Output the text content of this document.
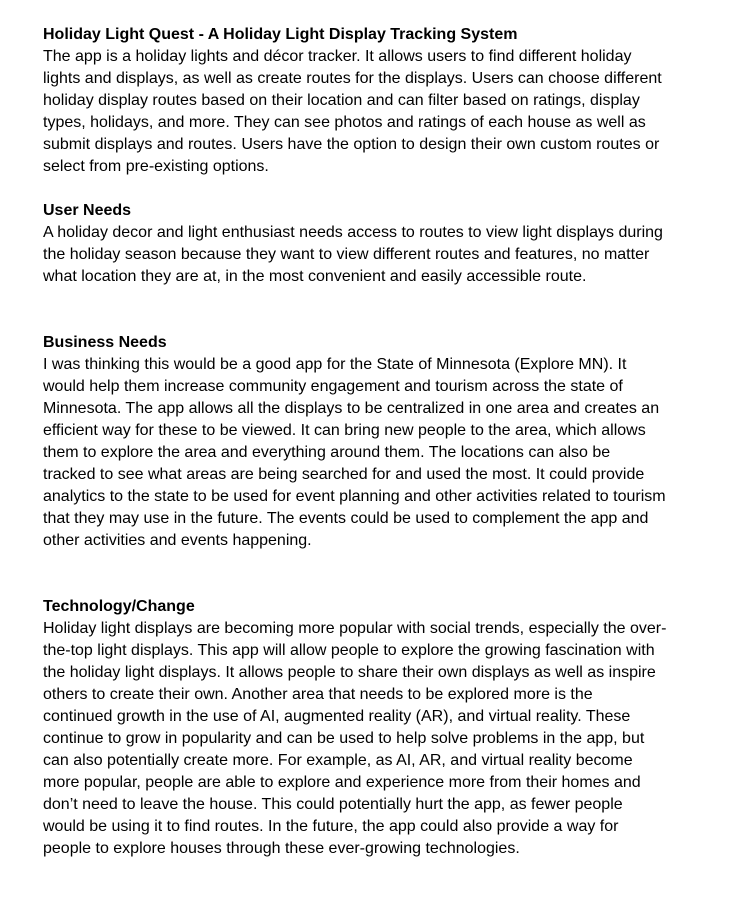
Holiday Light Quest - A Holiday Light Display Tracking System

The app is a holiday lights and décor tracker. It allows users to find different holiday
lights and displays, as well as create routes for the displays. Users can choose different
holiday display routes based on their location and can filter based on ratings, display
types, holidays, and more. They can see photos and ratings of each house as well as
submit displays and routes. Users have the option to design their own custom routes or
select from pre-existing options.

User Needs

A holiday decor and light enthusiast needs access to routes to view light displays during
the holiday season because they want to view different routes and features, no matter
what location they are at, in the most convenient and easily accessible route.

Business Needs

I was thinking this would be a good app for the State of Minnesota (Explore MN). It
would help them increase community engagement and tourism across the state of
Minnesota. The app allows all the displays to be centralized in one area and creates an
efficient way for these to be viewed. It can bring new people to the area, which allows
them to explore the area and everything around them. The locations can also be
tracked to see what areas are being searched for and used the most. It could provide
analytics to the state to be used for event planning and other activities related to tourism
that they may use in the future. The events could be used to complement the app and
other activities and events happening.

Technology/Change

Holiday light displays are becoming more popular with social trends, especially the over-
the-top light displays. This app will allow people to explore the growing fascination with
the holiday light displays. It allows people to share their own displays as well as inspire
others to create their own. Another area that needs to be explored more is the
continued growth in the use of AI, augmented reality (AR), and virtual reality. These
continue to grow in popularity and can be used to help solve problems in the app, but
can also potentially create more. For example, as AI, AR, and virtual reality become
more popular, people are able to explore and experience more from their homes and
don’t need to leave the house. This could potentially hurt the app, as fewer people
would be using it to find routes. In the future, the app could also provide a way for
people to explore houses through these ever-growing technologies.
